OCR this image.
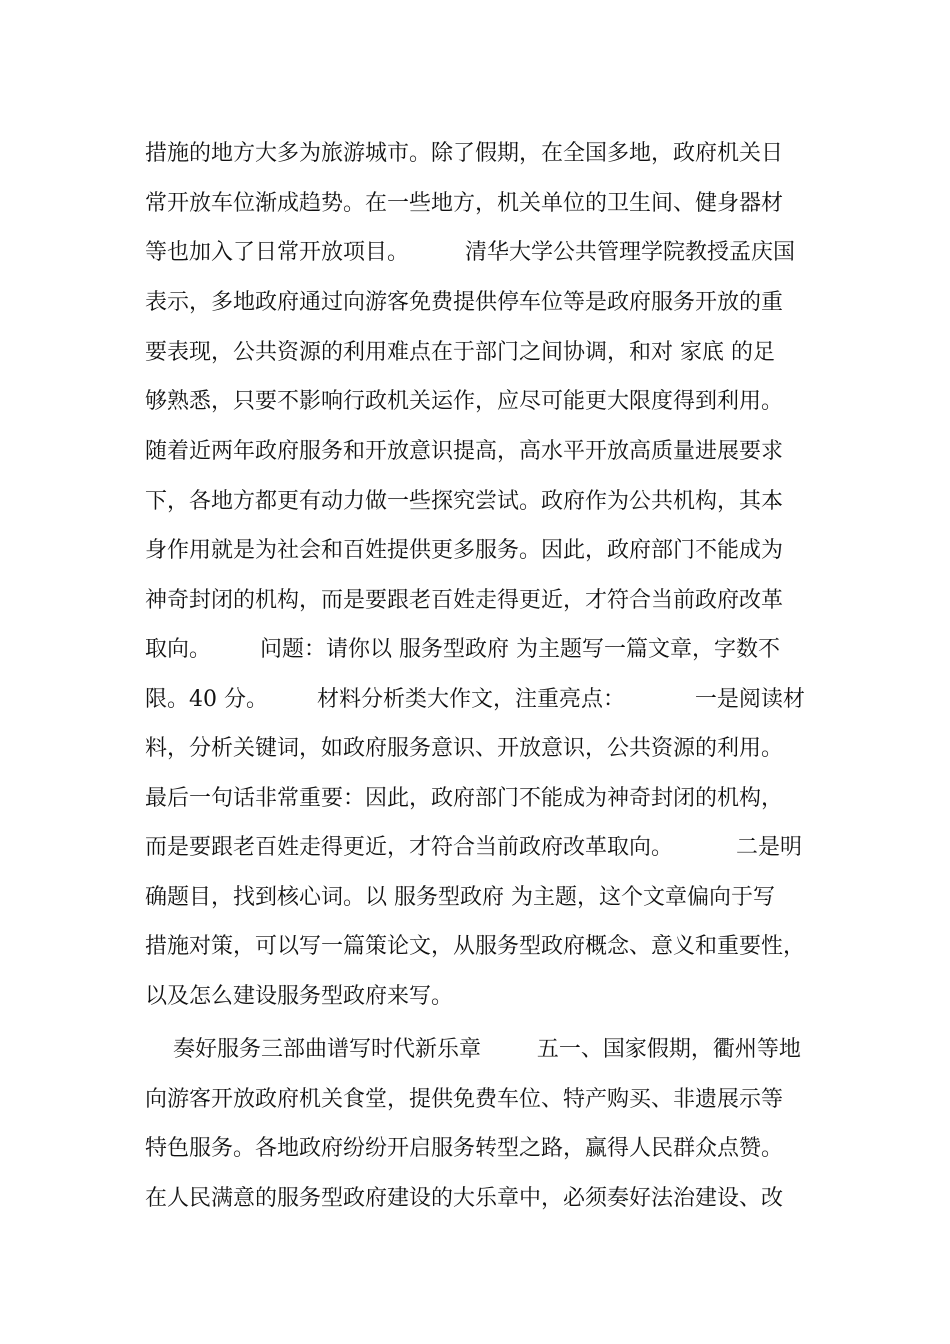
措施的地方大多为旅游城市。除了假期，在全国多地，政府机关日
常开放车位渐成趋势。在一些地方，机关单位的卫生间、健身器材
等也加入了日常开放项目。        清华大学公共管理学院教授孟庆国
表示，多地政府通过向游客免费提供停车位等是政府服务开放的重
要表现，公共资源的利用难点在于部门之间协调，和对 家底 的足
够熟悉，只要不影响行政机关运作，应尽可能更大限度得到利用。
随着近两年政府服务和开放意识提高，高水平开放高质量进展要求
下，各地方都更有动力做一些探究尝试。政府作为公共机构，其本
身作用就是为社会和百姓提供更多服务。因此，政府部门不能成为
神奇封闭的机构，而是要跟老百姓走得更近，才符合当前政府改革
取向。       问题：请你以 服务型政府 为主题写一篇文章，字数不
限。40 分。       材料分析类大作文，注重亮点：          一是阅读材
料，分析关键词，如政府服务意识、开放意识，公共资源的利用。
最后一句话非常重要：因此，政府部门不能成为神奇封闭的机构，
而是要跟老百姓走得更近，才符合当前政府改革取向。         二是明
确题目，找到核心词。以 服务型政府 为主题，这个文章偏向于写
措施对策，可以写一篇策论文，从服务型政府概念、意义和重要性，
以及怎么建设服务型政府来写。
奏好服务三部曲谱写时代新乐章        五一、国家假期，衢州等地
向游客开放政府机关食堂，提供免费车位、特产购买、非遗展示等
特色服务。各地政府纷纷开启服务转型之路，赢得人民群众点赞。
在人民满意的服务型政府建设的大乐章中，必须奏好法治建设、改
